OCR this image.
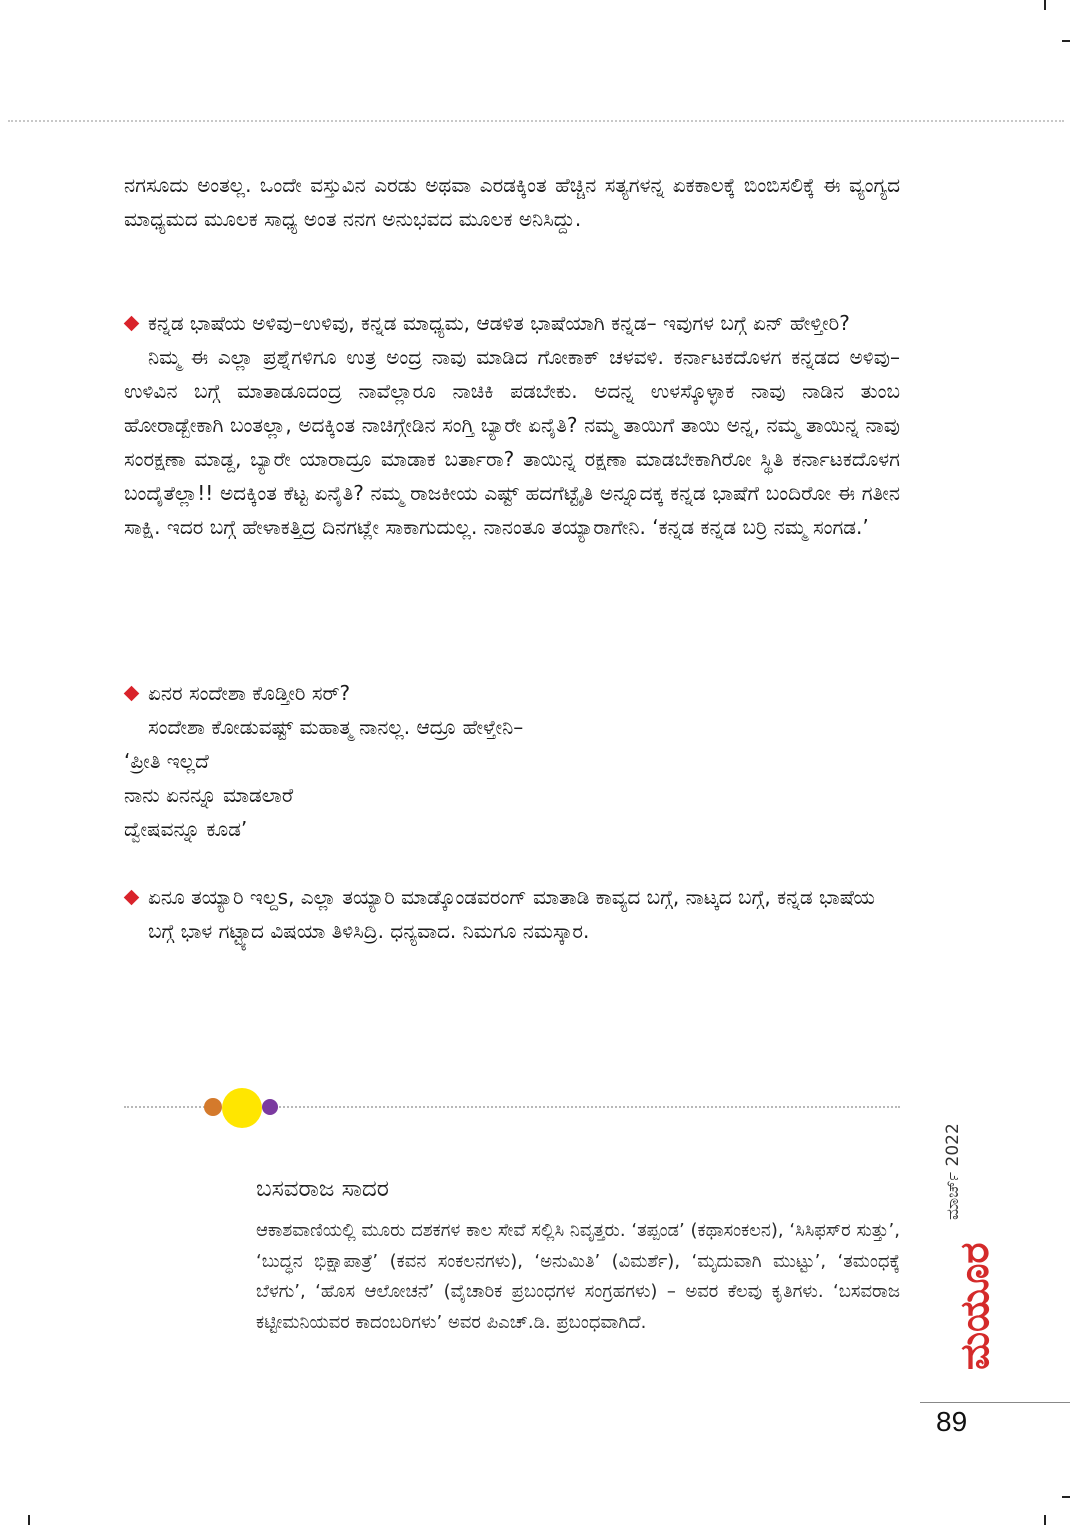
ನಗಸೂದು ಅಂತಲ್ಲ. ಒಂದೇ ವಸ್ತುವಿನ ಎರಡು ಅಥವಾ ಎರಡಕ್ಕಿಂತ ಹೆಚ್ಚಿನ ಸತ್ಯಗಳನ್ನ ಏಕಕಾಲಕ್ಕೆ ಬಿಂಬಿಸಲಿಕ್ಕೆ ಈ ವ್ಯಂಗ್ಯದ ಮಾಧ್ಯಮದ ಮೂಲಕ ಸಾಧ್ಯ ಅಂತ ನನಗ ಅನುಭವದ ಮೂಲಕ ಅನಿಸಿದ್ದು.
ಕನ್ನಡ ಭಾಷೆಯ ಅಳಿವು–ಉಳಿವು, ಕನ್ನಡ ಮಾಧ್ಯಮ, ಆಡಳಿತ ಭಾಷೆಯಾಗಿ ಕನ್ನಡ– ಇವುಗಳ ಬಗ್ಗೆ ಏನ್ ಹೇಳ್ತೀರಿ?
ನಿಮ್ಮ ಈ ಎಲ್ಲಾ ಪ್ರಶ್ನೆಗಳಿಗೂ ಉತ್ರ ಅಂದ್ರ ನಾವು ಮಾಡಿದ ಗೋಕಾಕ್ ಚಳವಳಿ. ಕರ್ನಾಟಕದೊಳಗ ಕನ್ನಡದ ಅಳಿವು–ಉಳಿವಿನ ಬಗ್ಗೆ ಮಾತಾಡೂದಂದ್ರ ನಾವೆಲ್ಲಾರೂ ನಾಚಿಕಿ ಪಡಬೇಕು. ಅದನ್ನ ಉಳಸ್ಕೊಳ್ಳಾಕ ನಾವು ನಾಡಿನ ತುಂಬ ಹೋರಾಡ್ಬೇಕಾಗಿ ಬಂತಲ್ಲಾ, ಅದಕ್ಕಿಂತ ನಾಚಿಗ್ಗೇಡಿನ ಸಂಗ್ತಿ ಬ್ಯಾರೇ ಏನೈತಿ? ನಮ್ಮ ತಾಯಿಗೆ ತಾಯಿ ಅನ್ನ, ನಮ್ಮ ತಾಯಿನ್ನ ನಾವು ಸಂರಕ್ಷಣಾ ಮಾಡ್ದ, ಬ್ಯಾರೇ ಯಾರಾದ್ರೂ ಮಾಡಾಕ ಬರ್ತಾರಾ? ತಾಯಿನ್ನ ರಕ್ಷಣಾ ಮಾಡಬೇಕಾಗಿರೋ ಸ್ಥಿತಿ ಕರ್ನಾಟಕದೊಳಗ ಬಂದೈತೆಲ್ಲಾ!! ಅದಕ್ಕಿಂತ ಕೆಟ್ಟ ಏನೈತಿ? ನಮ್ಮ ರಾಜಕೀಯ ಎಷ್ಟ್ ಹದಗೆಟ್ಟೈತಿ ಅನ್ನೂದಕ್ಕ ಕನ್ನಡ ಭಾಷೆಗೆ ಬಂದಿರೋ ಈ ಗತೀನ ಸಾಕ್ಷಿ. ಇದರ ಬಗ್ಗೆ ಹೇಳಾಕತ್ತಿದ್ರ ದಿನಗಟ್ಲೇ ಸಾಕಾಗುದುಲ್ಲ. ನಾನಂತೂ ತಯ್ಯಾರಾಗೇನಿ. ‘ಕನ್ನಡ ಕನ್ನಡ ಬರ್‍ರಿ ನಮ್ಮ ಸಂಗಡ.’
ಏನರ ಸಂದೇಶಾ ಕೊಡ್ತೀರಿ ಸರ್?
ಸಂದೇಶಾ ಕೋಡುವಷ್ಟ್ ಮಹಾತ್ಮ ನಾನಲ್ಲ. ಆದ್ರೂ ಹೇಳ್ತೇನಿ–
‘ಪ್ರೀತಿ ಇಲ್ಲದೆ
ನಾನು ಏನನ್ನೂ ಮಾಡಲಾರೆ
ದ್ವೇಷವನ್ನೂ ಕೂಡ’
ಏನೂ ತಯ್ಯಾರಿ ಇಲ್ದs, ಎಲ್ಲಾ ತಯ್ಯಾರಿ ಮಾಡ್ಕೊಂಡವರಂಗ್ ಮಾತಾಡಿ ಕಾವ್ಯದ ಬಗ್ಗೆ, ನಾಟ್ಕದ ಬಗ್ಗೆ, ಕನ್ನಡ ಭಾಷೆಯ ಬಗ್ಗೆ ಭಾಳ ಗಟ್ಟ್ಯಾದ ವಿಷಯಾ ತಿಳಿಸಿದ್ರಿ. ಧನ್ಯವಾದ. ನಿಮಗೂ ನಮಸ್ಕಾರ.
ಬಸವರಾಜ ಸಾದರ
ಆಕಾಶವಾಣಿಯಲ್ಲಿ ಮೂರು ದಶಕಗಳ ಕಾಲ ಸೇವೆ ಸಲ್ಲಿಸಿ ನಿವೃತ್ತರು. ‘ತಪ್ಪಂಡ’ (ಕಥಾಸಂಕಲನ), ‘ಸಿಸಿಫಸ್‌ರ ಸುತ್ತು’, ‘ಬುದ್ಧನ ಭಿಕ್ಷಾಪಾತ್ರೆ’ (ಕವನ ಸಂಕಲನಗಳು), ‘ಅನುಮಿತಿ’ (ವಿಮರ್ಶೆ), ‘ಮೃದುವಾಗಿ ಮುಟ್ಟು’, ‘ತಮಂಧಕ್ಕೆ ಬೆಳಗು’, ‘ಹೊಸ ಆಲೋಚನೆ’ (ವೈಚಾರಿಕ ಪ್ರಬಂಧಗಳ ಸಂಗ್ರಹಗಳು) – ಅವರ ಕೆಲವು ಕೃತಿಗಳು. ‘ಬಸವರಾಜ ಕಟ್ಟೀಮನಿಯವರ ಕಾದಂಬರಿಗಳು’ ಅವರ ಪಿಎಚ್.ಡಿ. ಪ್ರಬಂಧವಾಗಿದೆ.
ಮಾರ್ಚ್ 2022
ಮಯೂರ
89
